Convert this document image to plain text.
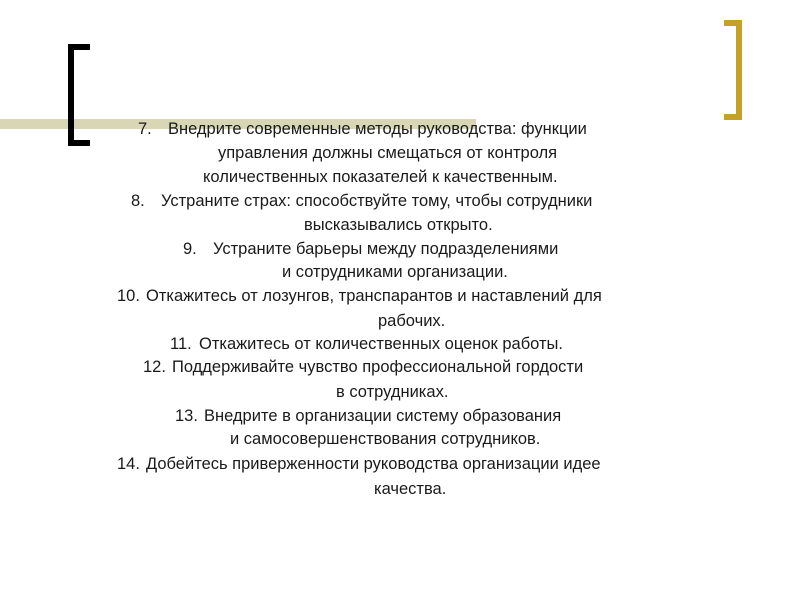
7. Внедрите современные методы руководства: функции

управления должны смещаться от контроля

количественных показателей к качественным.

8. Устраните страх: способствуйте тому, чтобы сотрудники

высказывались открыто.

9. Устраните барьеры между подразделениями

и сотрудниками организации.

10. Откажитесь от лозунгов, транспарантов и наставлений для

рабочих.

11. Откажитесь от количественных оценок работы.

12. Поддерживайте чувство профессиональной гордости

в сотрудниках.

13. Внедрите в организации систему образования

и самосовершенствования сотрудников.

14. Добейтесь приверженности руководства организации идее

качества.
